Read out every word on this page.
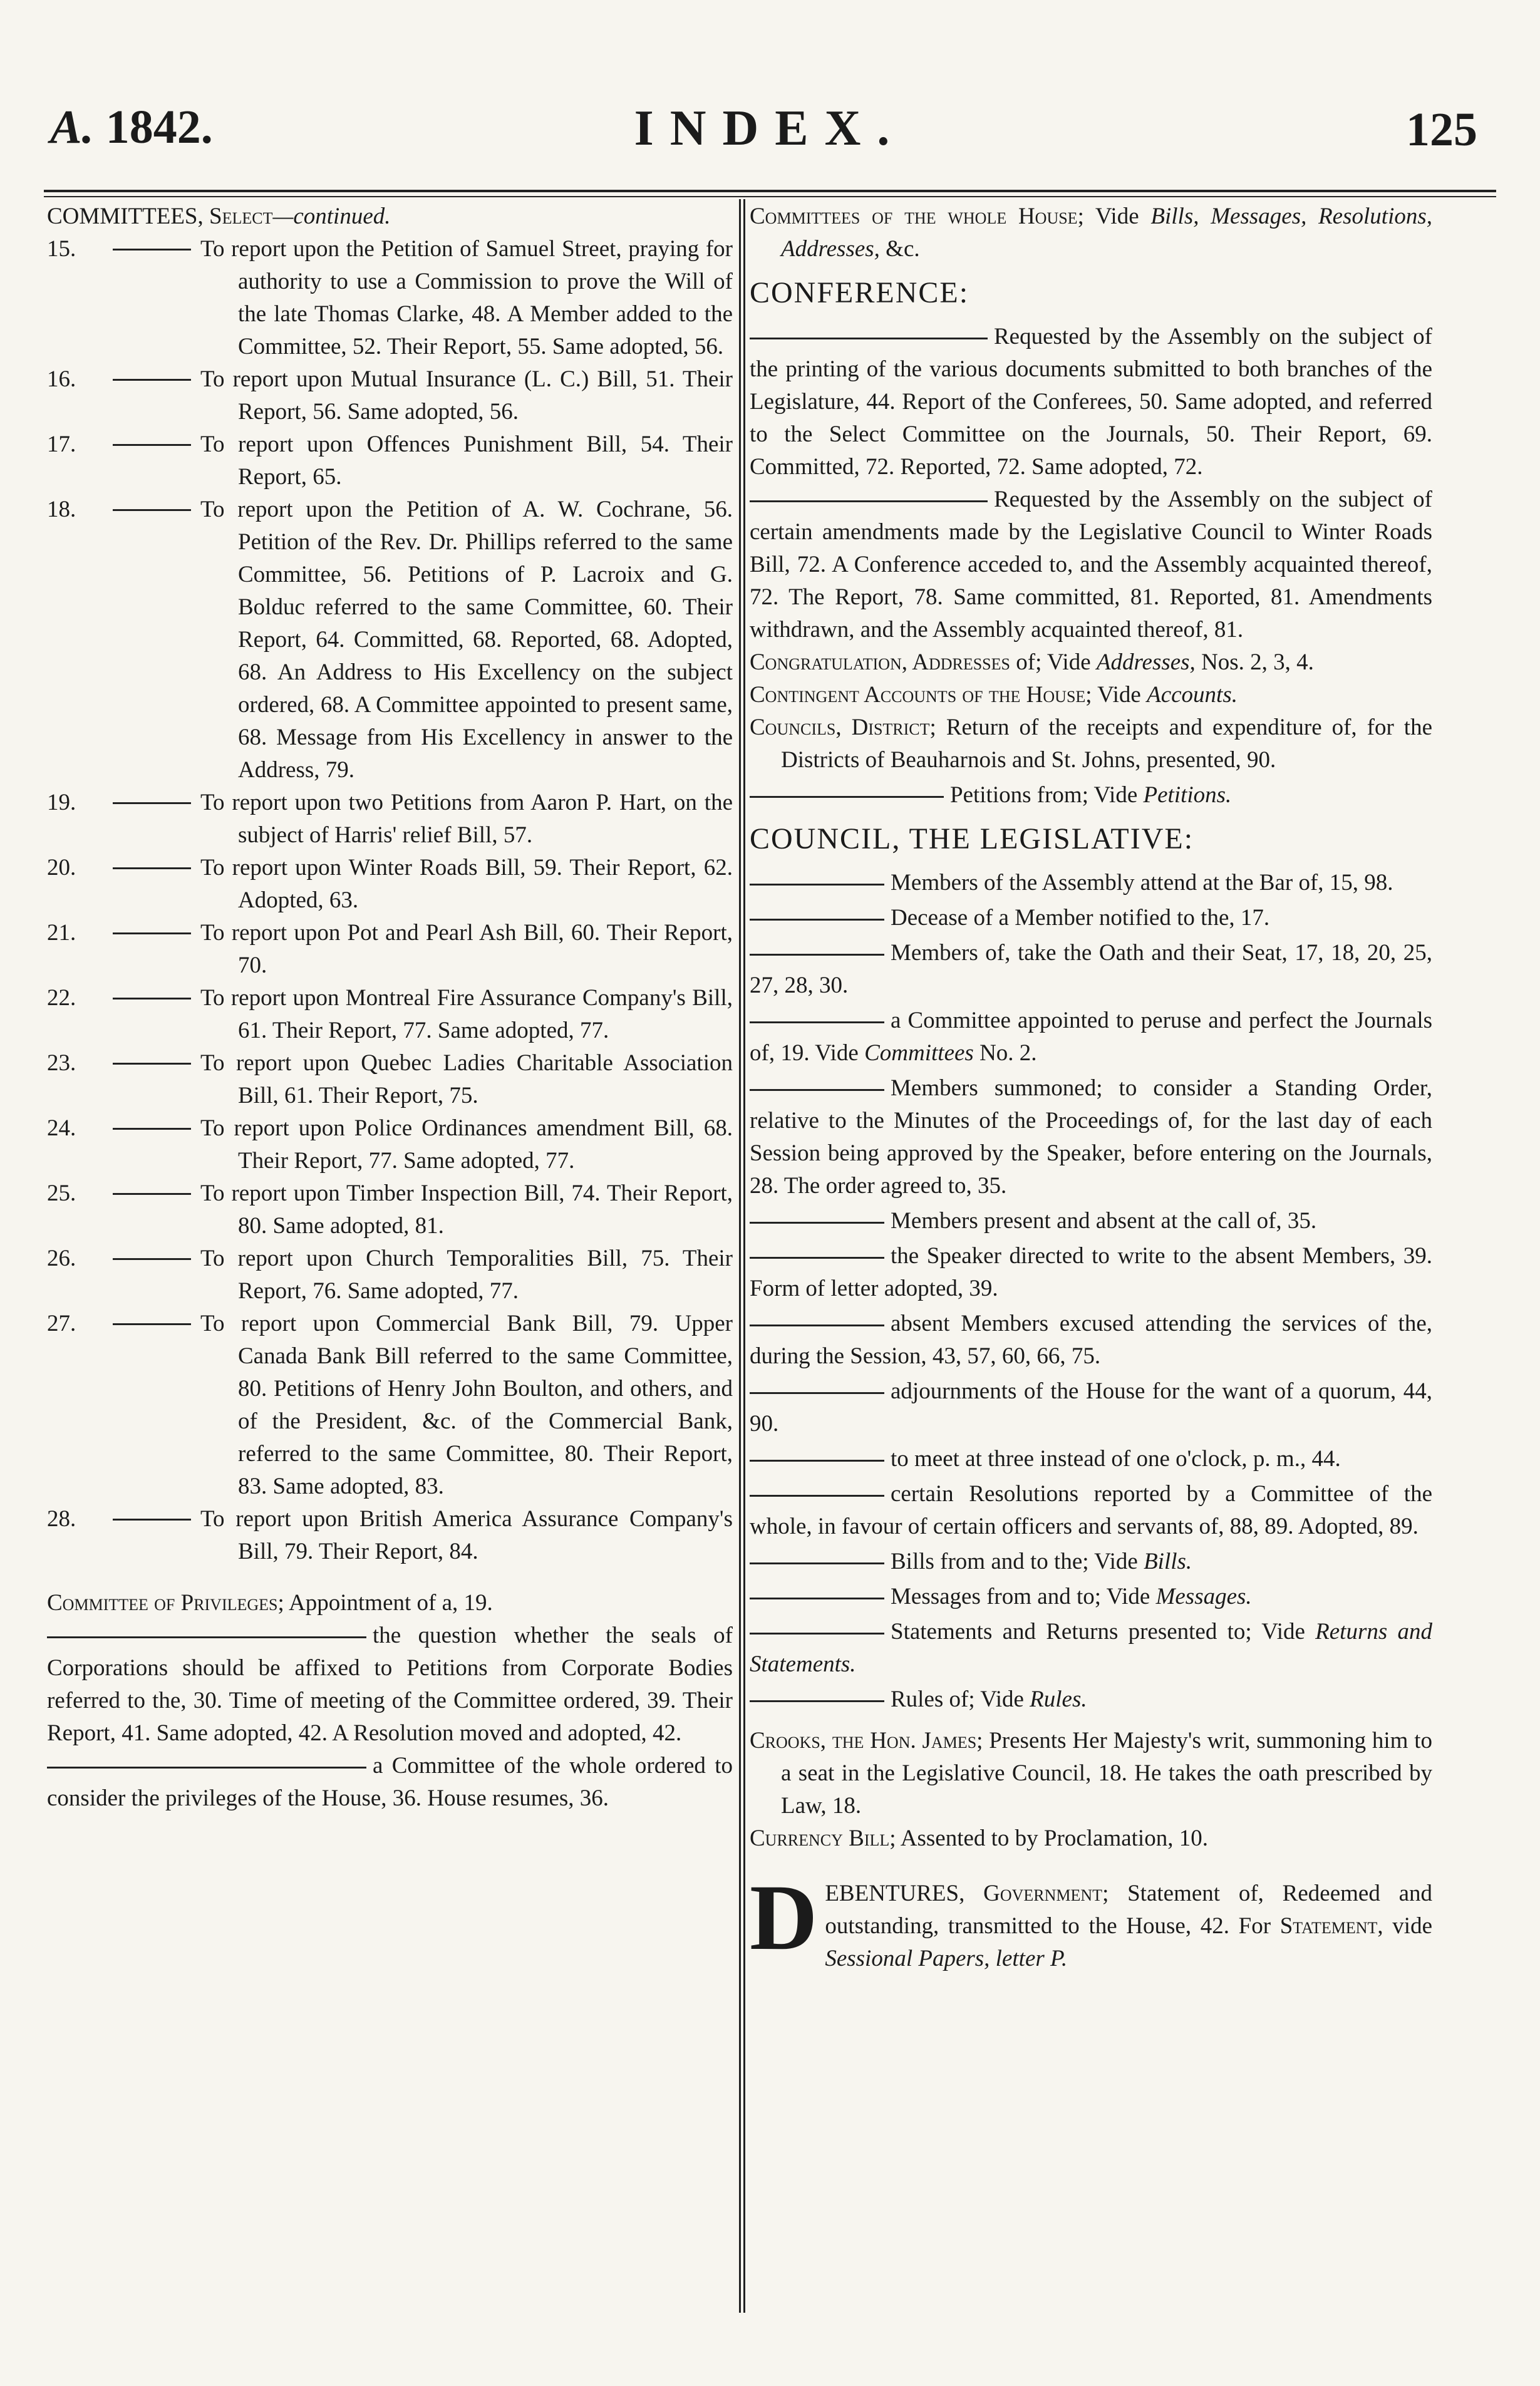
A. 1842.	INDEX.	125

COMMITTEES, Select—continued.

15.	To report upon the Petition of Samuel Street, praying for authority to use a Commission to prove the Will of the late Thomas Clarke, 48. A Member added to the Committee, 52. Their Report, 55. Same adopted, 56.

16.	To report upon Mutual Insurance (L. C.) Bill, 51. Their Report, 56. Same adopted, 56.

17.	To report upon Offences Punishment Bill, 54. Their Report, 65.

18.	To report upon the Petition of A. W. Cochrane, 56. Petition of the Rev. Dr. Phillips referred to the same Committee, 56. Petitions of P. Lacroix and G. Bolduc referred to the same Committee, 60. Their Report, 64. Committed, 68. Reported, 68. Adopted, 68. An Address to His Excellency on the subject ordered, 68. A Committee appointed to present same, 68. Message from His Excellency in answer to the Address, 79.

19.	To report upon two Petitions from Aaron P. Hart, on the subject of Harris' relief Bill, 57.

20.	To report upon Winter Roads Bill, 59. Their Report, 62. Adopted, 63.

21.	To report upon Pot and Pearl Ash Bill, 60. Their Report, 70.

22.	To report upon Montreal Fire Assurance Company's Bill, 61. Their Report, 77. Same adopted, 77.

23.	To report upon Quebec Ladies Charitable Association Bill, 61. Their Report, 75.

24.	To report upon Police Ordinances amendment Bill, 68. Their Report, 77. Same adopted, 77.

25.	To report upon Timber Inspection Bill, 74. Their Report, 80. Same adopted, 81.

26.	To report upon Church Temporalities Bill, 75. Their Report, 76. Same adopted, 77.

27.	To report upon Commercial Bank Bill, 79. Upper Canada Bank Bill referred to the same Committee, 80. Petitions of Henry John Boulton, and others, and of the President, &c. of the Commercial Bank, referred to the same Committee, 80. Their Report, 83. Same adopted, 83.

28.	To report upon British America Assurance Company's Bill, 79. Their Report, 84.

Committee of Privileges; Appointment of a, 19.

the question whether the seals of Corporations should be affixed to Petitions from Corporate Bodies referred to the, 30. Time of meeting of the Committee ordered, 39. Their Report, 41. Same adopted, 42. A Resolution moved and adopted, 42.

a Committee of the whole ordered to consider the privileges of the House, 36. House resumes, 36.

Committees of the whole House; Vide Bills, Messages, Resolutions, Addresses, &c.

CONFERENCE:

Requested by the Assembly on the subject of the printing of the various documents submitted to both branches of the Legislature, 44. Report of the Conferees, 50. Same adopted, and referred to the Select Committee on the Journals, 50. Their Report, 69. Committed, 72. Reported, 72. Same adopted, 72.

Requested by the Assembly on the subject of certain amendments made by the Legislative Council to Winter Roads Bill, 72. A Conference acceded to, and the Assembly acquainted thereof, 72. The Report, 78. Same committed, 81. Reported, 81. Amendments withdrawn, and the Assembly acquainted thereof, 81.

Congratulation, Addresses of; Vide Addresses, Nos. 2, 3, 4.

Contingent Accounts of the House; Vide Accounts.

Councils, District; Return of the receipts and expenditure of, for the Districts of Beauharnois and St. Johns, presented, 90.

Petitions from; Vide Petitions.

COUNCIL, THE LEGISLATIVE:

Members of the Assembly attend at the Bar of, 15, 98.

Decease of a Member notified to the, 17.

Members of, take the Oath and their Seat, 17, 18, 20, 25, 27, 28, 30.

a Committee appointed to peruse and perfect the Journals of, 19. Vide Committees No. 2.

Members summoned; to consider a Standing Order, relative to the Minutes of the Proceedings of, for the last day of each Session being approved by the Speaker, before entering on the Journals, 28. The order agreed to, 35.

Members present and absent at the call of, 35.

the Speaker directed to write to the absent Members, 39. Form of letter adopted, 39.

absent Members excused attending the services of the, during the Session, 43, 57, 60, 66, 75.

adjournments of the House for the want of a quorum, 44, 90.

to meet at three instead of one o'clock, p. m., 44.

certain Resolutions reported by a Committee of the whole, in favour of certain officers and servants of, 88, 89. Adopted, 89.

Bills from and to the; Vide Bills.

Messages from and to; Vide Messages.

Statements and Returns presented to; Vide Returns and Statements.

Rules of; Vide Rules.

Crooks, the Hon. James; Presents Her Majesty's writ, summoning him to a seat in the Legislative Council, 18. He takes the oath prescribed by Law, 18.

Currency Bill; Assented to by Proclamation, 10.

D EBENTURES, Government; Statement of, Redeemed and outstanding, transmitted to the House, 42. For Statement, vide Sessional Papers, letter P.
